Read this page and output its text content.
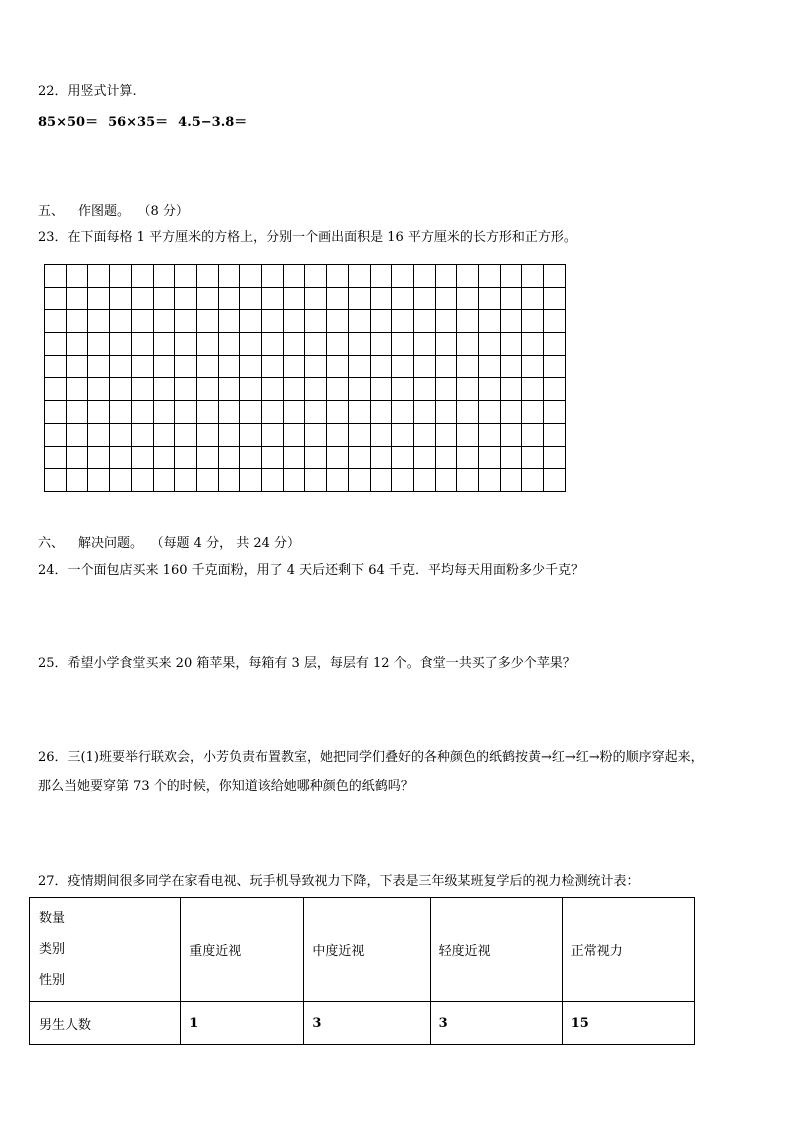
22．用竖式计算.
85×50＝ 56×35＝ 4.5−3.8＝
五、 作图题。 （8 分）
23．在下面每格 1 平方厘米的方格上，分别一个画出面积是 16 平方厘米的长方形和正方形。

六、 解决问题。 （每题 4 分， 共 24 分）
24．一个面包店买来 160 千克面粉，用了 4 天后还剩下 64 千克．平均每天用面粉多少千克？
25．希望小学食堂买来 20 箱苹果，每箱有 3 层，每层有 12 个。食堂一共买了多少个苹果？
26．三(1)班要举行联欢会，小芳负责布置教室，她把同学们叠好的各种颜色的纸鹤按黄→红→红→粉的顺序穿起来，
那么当她要穿第 73 个的时候，你知道该给她哪种颜色的纸鹤吗？
27．疫情期间很多同学在家看电视、玩手机导致视力下降，下表是三年级某班复学后的视力检测统计表：
数量
类别
性别	重度近视	中度近视	轻度近视	正常视力
男生人数	1	3	3	15
